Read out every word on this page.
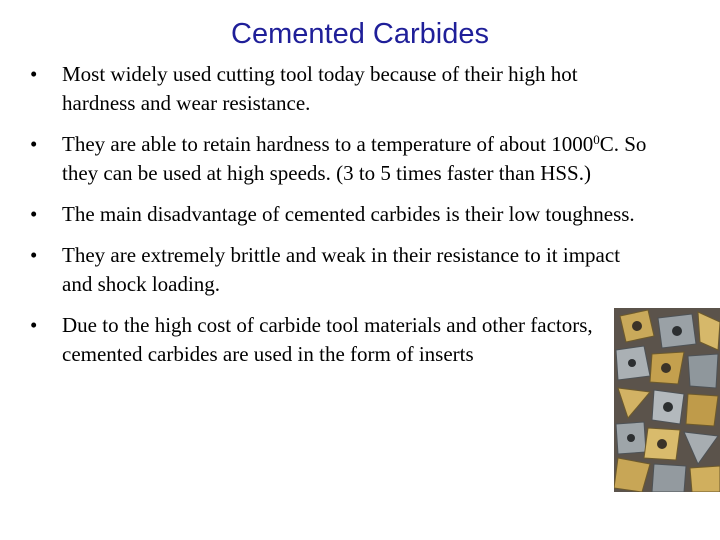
Cemented Carbides
• Most widely used cutting tool today because of their high hot hardness and wear resistance.
• They are able to retain hardness to a temperature of about 1000$^0$C. So they can be used at high speeds. (3 to 5 times faster than HSS.)
• The main disadvantage of cemented carbides is their low toughness.
• They are extremely brittle and weak in their resistance to it impact and shock loading.
• Due to the high cost of carbide tool materials and other factors, cemented carbides are used in the form of inserts
